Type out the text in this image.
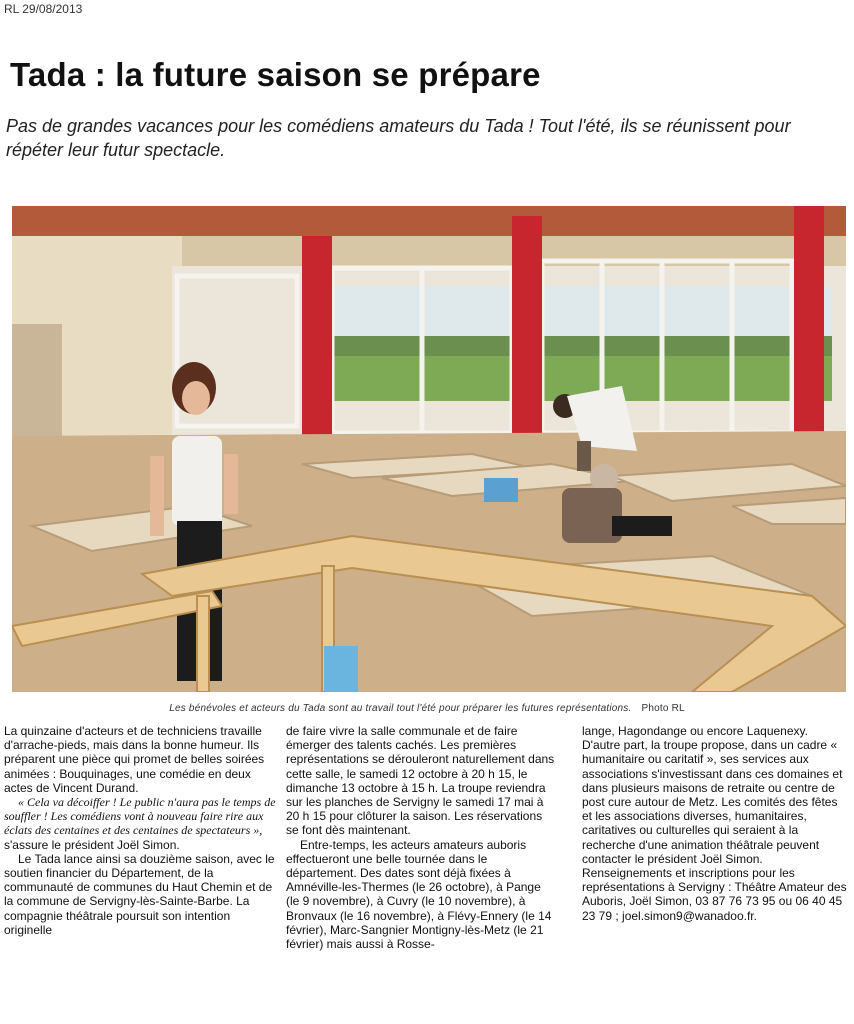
RL 29/08/2013
Tada : la future saison se prépare

Pas de grandes vacances pour les comédiens amateurs du Tada ! Tout l'été, ils se réunissent pour répéter leur futur spectacle.

Les bénévoles et acteurs du Tada sont au travail tout l'été pour préparer les futures représentations. Photo RL

La quinzaine d'acteurs et de techniciens travaille d'arrache-pieds, mais dans la bonne humeur. Ils préparent une pièce qui promet de belles soirées animées : Bouquinages, une comédie en deux actes de Vincent Durand.

« Cela va décoiffer ! Le public n'aura pas le temps de souffler ! Les comédiens vont à nouveau faire rire aux éclats des centaines et des centaines de spectateurs », s'assure le président Joël Simon.

Le Tada lance ainsi sa douzième saison, avec le soutien financier du Département, de la communauté de communes du Haut Chemin et de la commune de Servigny-lès-Sainte-Barbe. La compagnie théâtrale poursuit son intention originelle

de faire vivre la salle communale et de faire émerger des talents cachés. Les premières représentations se dérouleront naturellement dans cette salle, le samedi 12 octobre à 20 h 15, le dimanche 13 octobre à 15 h. La troupe reviendra sur les planches de Servigny le samedi 17 mai à 20 h 15 pour clôturer la saison. Les réservations se font dès maintenant.

Entre-temps, les acteurs amateurs auboris effectueront une belle tournée dans le département. Des dates sont déjà fixées à Amnéville-les-Thermes (le 26 octobre), à Pange (le 9 novembre), à Cuvry (le 10 novembre), à Bronvaux (le 16 novembre), à Flévy-Ennery (le 14 février), Marc-Sangnier Montigny-lès-Metz (le 21 février) mais aussi à Rosse-

lange, Hagondange ou encore Laquenexy.

D'autre part, la troupe propose, dans un cadre « humanitaire ou caritatif », ses services aux associations s'investissant dans ces domaines et dans plusieurs maisons de retraite ou centre de post cure autour de Metz. Les comités des fêtes et les associations diverses, humanitaires, caritatives ou culturelles qui seraient à la recherche d'une animation théâtrale peuvent contacter le président Joël Simon.

Renseignements et inscriptions pour les représentations à Servigny : Théâtre Amateur des Auboris, Joël Simon, 03 87 76 73 95 ou 06 40 45 23 79 ; joel.simon9@wanadoo.fr.
